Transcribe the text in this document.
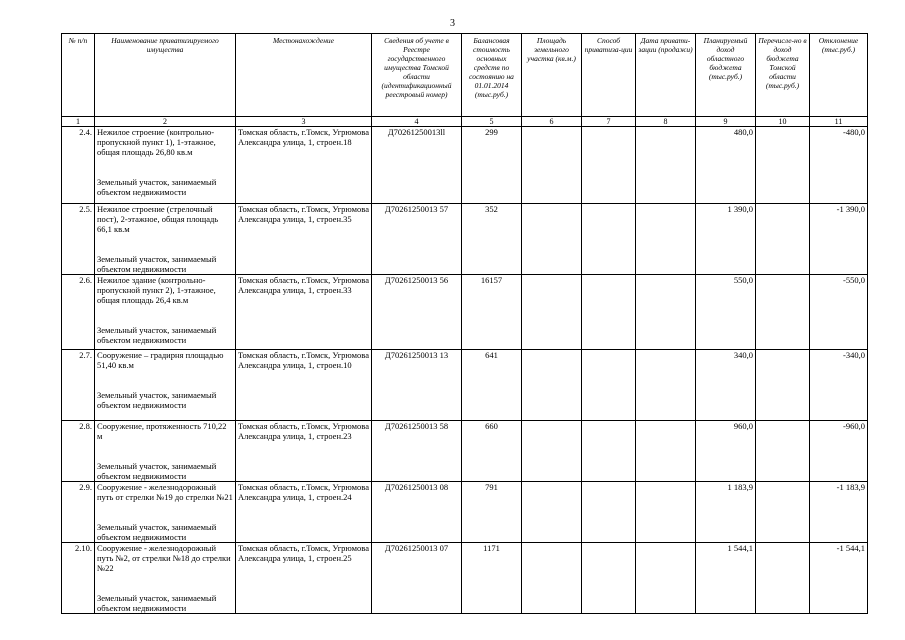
3
№ п/п	Наименование приватизируемого имущества	Местонахождение	Сведения об учете в Реестре государственного имущества Томской области (идентификационный реестровый номер)	Балансовая стоимость основных средств по состоянию на 01.01.2014 (тыс.руб.)	Площадь земельного участка (кв.м.)	Способ приватиза-ции	Дата привати-зации (продажи)	Планируемый доход областного бюджета (тыс.руб.)	Перечисле-но в доход бюджета Томской области (тыс.руб.)	Отклонение (тыс.руб.)
1	2	3	4	5	6	7	8	9	10	11
2.4.	Нежилое строение (контрольно-пропускной пункт 1), 1-этажное, общая площадь 26,80 кв.м
Земельный участок, занимаемый объектом недвижимости	Томская область, г.Томск, Угрюмова Александра улица, 1, строен.18	Д70261250013ll	299				480,0		-480,0
2.5.	Нежилое строение (стрелочный пост), 2-этажное, общая площадь 66,1 кв.м
Земельный участок, занимаемый объектом недвижимости	Томская область, г.Томск, Угрюмова Александра улица, 1, строен.35	Д70261250013 57	352				1 390,0		-1 390,0
2.6.	Нежилое здание (контрольно-пропускной пункт 2), 1-этажное, общая площадь 26,4 кв.м
Земельный участок, занимаемый объектом недвижимости	Томская область, г.Томск, Угрюмова Александра улица, 1, строен.33	Д70261250013 56	16157				550,0		-550,0
2.7.	Сооружение – градирня площадью 51,40 кв.м
Земельный участок, занимаемый объектом недвижимости	Томская область, г.Томск, Угрюмова Александра улица, 1, строен.10	Д70261250013 13	641				340,0		-340,0
2.8.	Сооружение, протяженность 710,22 м
Земельный участок, занимаемый объектом недвижимости	Томская область, г.Томск, Угрюмова Александра улица, 1, строен.23	Д70261250013 58	660				960,0		-960,0
2.9.	Сооружение - железнодорожный путь от стрелки №19 до стрелки №21
Земельный участок, занимаемый объектом недвижимости	Томская область, г.Томск, Угрюмова Александра улица, 1, строен.24	Д70261250013 08	791				1 183,9		-1 183,9
2.10.	Сооружение - железнодорожный путь №2, от стрелки №18 до стрелки №22
Земельный участок, занимаемый объектом недвижимости	Томская область, г.Томск, Угрюмова Александра улица, 1, строен.25	Д70261250013 07	1171				1 544,1		-1 544,1
